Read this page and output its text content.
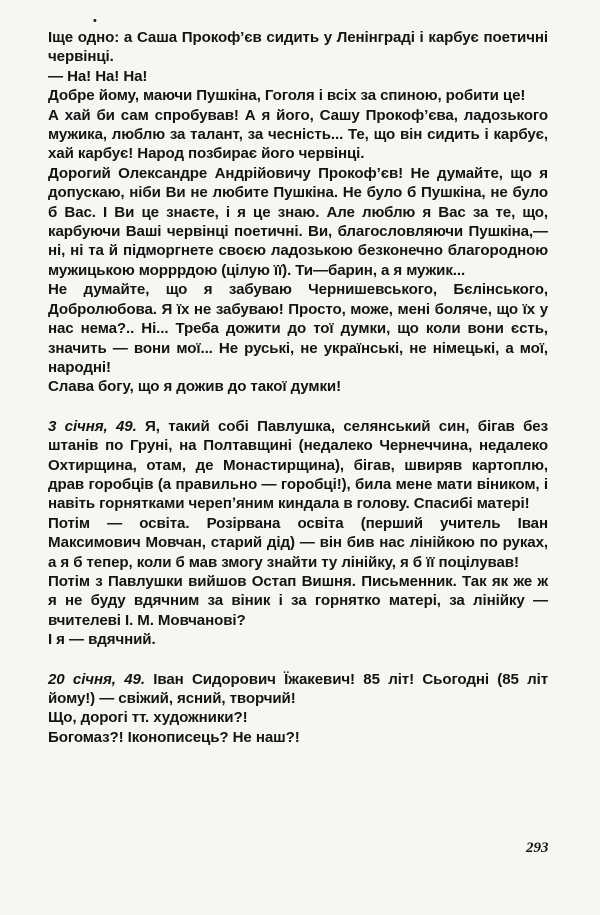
•

Іще одно: а Саша Прокоф’єв сидить у Ленінграді і карбує поетичні червінці.

— На! На! На!

Добре йому, маючи Пушкіна, Гоголя і всіх за спиною, робити це!

А хай би сам спробував! А я його, Сашу Прокоф’єва, ладозького мужика, люблю за талант, за чесність... Те, що він сидить і карбує, хай карбує! Народ позбирає його червінці.

Дорогий Олександре Андрійовичу Прокоф’єв! Не думайте, що я допускаю, ніби Ви не любите Пушкіна. Не було б Пушкіна, не було б Вас. І Ви це знаєте, і я це знаю. Але люблю я Вас за те, що, карбуючи Ваші червінці поетичні. Ви, благословляючи Пушкіна,— ні, ні та й підморгнете своєю ладозькою безконечно благородною мужицькою морррдою (цілую її). Ти—барин, а я мужик...

Не думайте, що я забуваю Чернишевського, Бєлінського, Добролюбова. Я їх не забуваю! Просто, може, мені боляче, що їх у нас нема?.. Ні... Треба дожити до тої думки, що коли вони єсть, значить — вони мої... Не руські, не українські, не німецькі, а мої, народні!

Слава богу, що я дожив до такої думки!

3 січня, 49. Я, такий собі Павлушка, селянський син, бігав без штанів по Груні, на Полтавщині (недалеко Чернеччина, недалеко Охтирщина, отам, де Монастирщина), бігав, швиряв картоплю, драв горобців (а правильно — горобці!), била мене мати віником, і навіть горнятками черепʼяним киндала в голову. Спасибі матері!

Потім — освіта. Розірвана освіта (перший учитель Іван Максимович Мовчан, старий дід) — він бив нас лінійкою по руках, а я б тепер, коли б мав змогу знайти ту лінійку, я б її поцілував!

Потім з Павлушки вийшов Остап Вишня. Письменник. Так як же ж я не буду вдячним за віник і за горнятко матері, за лінійку — вчителеві І. М. Мовчанові?

І я — вдячний.

20 січня, 49. Іван Сидорович Їжакевич! 85 літ! Сьогодні (85 літ йому!) — свіжий, ясний, творчий!

Що, дорогі тт. художники?!

Богомаз?! Іконописець? Не наш?!

293
